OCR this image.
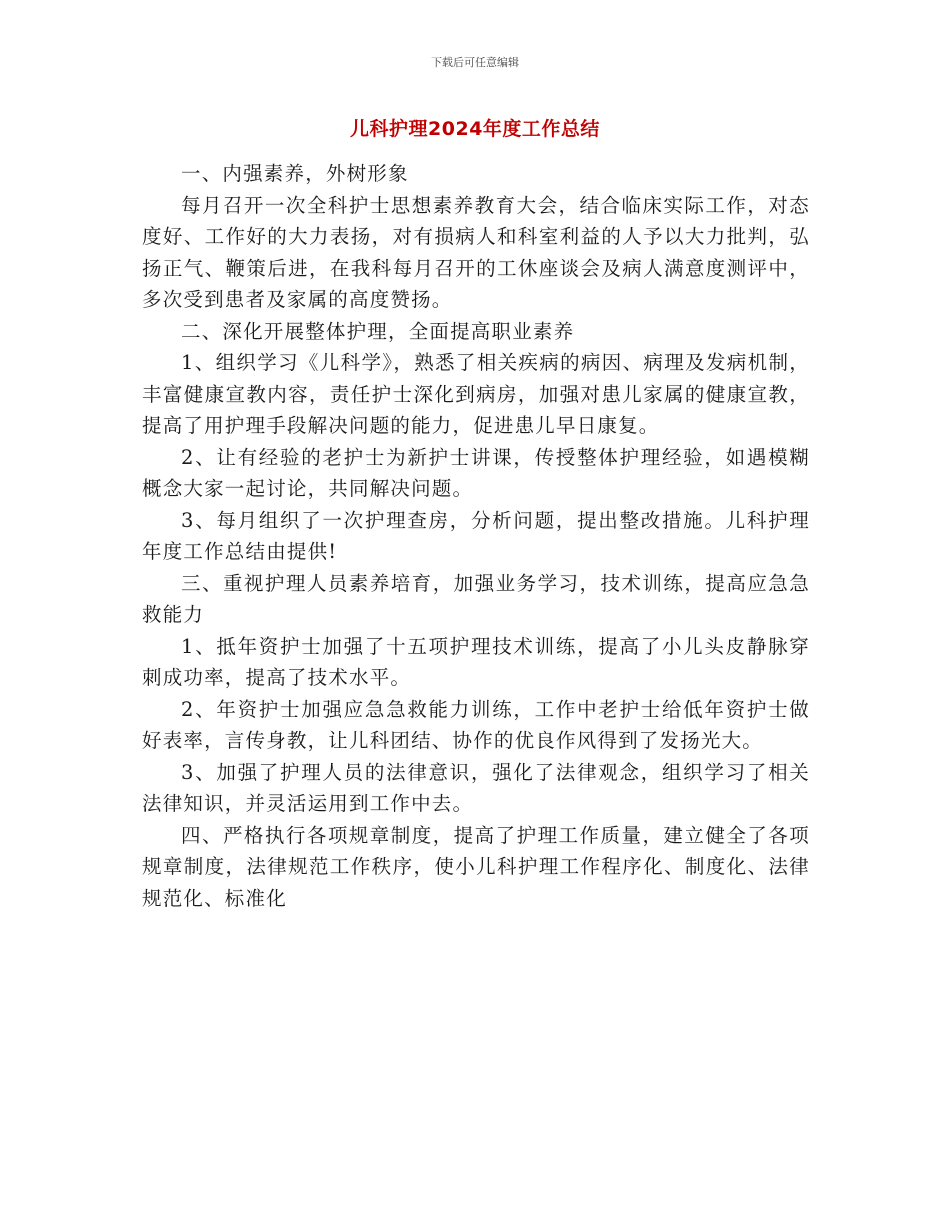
下载后可任意编辑
儿科护理2024年度工作总结

一、内强素养，外树形象

每月召开一次全科护士思想素养教育大会，结合临床实际工作，对态度好、工作好的大力表扬，对有损病人和科室利益的人予以大力批判，弘扬正气、鞭策后进，在我科每月召开的工休座谈会及病人满意度测评中，多次受到患者及家属的高度赞扬。

二、深化开展整体护理，全面提高职业素养

1、组织学习《儿科学》，熟悉了相关疾病的病因、病理及发病机制，丰富健康宣教内容，责任护士深化到病房，加强对患儿家属的健康宣教，提高了用护理手段解决问题的能力，促进患儿早日康复。

2、让有经验的老护士为新护士讲课，传授整体护理经验，如遇模糊概念大家一起讨论，共同解决问题。

3、每月组织了一次护理查房，分析问题，提出整改措施。儿科护理年度工作总结由提供!

三、重视护理人员素养培育，加强业务学习，技术训练，提高应急急救能力

1、抵年资护士加强了十五项护理技术训练，提高了小儿头皮静脉穿刺成功率，提高了技术水平。

2、年资护士加强应急急救能力训练，工作中老护士给低年资护士做好表率，言传身教，让儿科团结、协作的优良作风得到了发扬光大。

3、加强了护理人员的法律意识，强化了法律观念，组织学习了相关法律知识，并灵活运用到工作中去。

四、严格执行各项规章制度，提高了护理工作质量，建立健全了各项规章制度，法律规范工作秩序，使小儿科护理工作程序化、制度化、法律规范化、标准化
